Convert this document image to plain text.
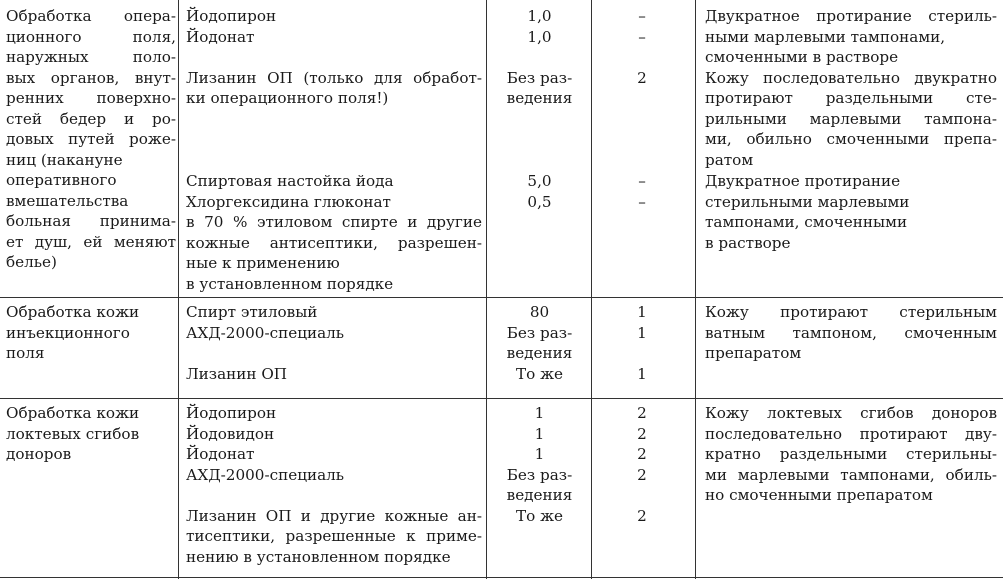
Обработка опера-
ционного поля,
наружных поло-
вых органов, внут-
ренних поверхно-
стей бедер и ро-
довых путей роже-
ниц (накануне
оперативного
вмешательства
больная принима-
ет душ, ей меняют
белье)
Йодопирон
Йодонат
1,0
1,0
–
–
Двукратное протирание стериль-
ными марлевыми тампонами,
смоченными в растворе
Лизанин ОП (только для обработ-
ки операционного поля!)
Без раз-
ведения
2	Кожу последовательно двукратно
протирают раздельными сте-
рильными марлевыми тампона-
ми, обильно смоченными препа-
ратом
Спиртовая настойка йода
Хлоргексидина глюконат
в 70 % этиловом спирте и другие
кожные антисептики, разрешен-
ные к применению
в установленном порядке
5,0
0,5
–
–
Двукратное протирание
стерильными марлевыми
тампонами, смоченными
в растворе
Обработка кожи
инъекционного
поля
Спирт этиловый
АХД-2000-специаль
Лизанин ОП
80
Без раз-
ведения
То же
1
1
1
Кожу протирают стерильным
ватным тампоном, смоченным
препаратом
Обработка кожи
локтевых сгибов
доноров
Йодопирон
Йодовидон
Йодонат
АХД-2000-специаль
Лизанин ОП и другие кожные ан-
тисептики, разрешенные к приме-
нению в установленном порядке
1
1
1
Без раз-
ведения
То же
2
2
2
2
2
Кожу локтевых сгибов доноров
последовательно протирают дву-
кратно раздельными стерильны-
ми марлевыми тампонами, обиль-
но смоченными препаратом
